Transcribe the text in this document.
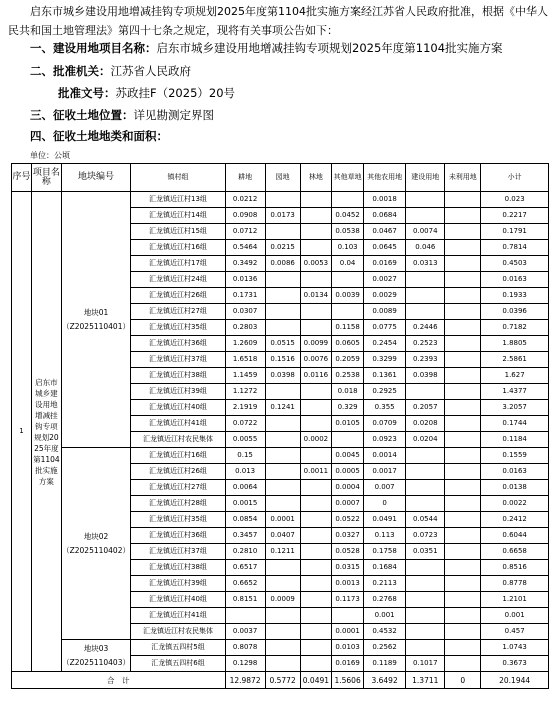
启东市城乡建设用地增减挂钩专项规划2025年度第1104批实施方案经江苏省人民政府批准，根据《中华人民共和国土地管理法》第四十七条之规定，现将有关事项公告如下：
一、建设用地项目名称：启东市城乡建设用地增减挂钩专项规划2025年度第1104批实施方案
二、批准机关：江苏省人民政府
批准文号：苏政挂F（2025）20号
三、征收土地位置：详见勘测定界图
四、征收土地地类和面积：
单位：公顷
序号	项目名称	地块编号	镇村组	耕地	园地	林地	其他草地	其他农用地	建设用地	未利用地	小计
1	启东市城乡建设用地增减挂钩专项规划2025年度第1104批实施方案	地块01（Z2025110401）	汇龙镇近江村13组	0.0212				0.0018			0.023
			汇龙镇近江村14组	0.0908	0.0173		0.0452	0.0684			0.2217
			汇龙镇近江村15组	0.0712			0.0538	0.0467	0.0074		0.1791
			汇龙镇近江村16组	0.5464	0.0215		0.103	0.0645	0.046		0.7814
			汇龙镇近江村17组	0.3492	0.0086	0.0053	0.04	0.0169	0.0313		0.4503
			汇龙镇近江村24组	0.0136				0.0027			0.0163
			汇龙镇近江村26组	0.1731		0.0134	0.0039	0.0029			0.1933
			汇龙镇近江村27组	0.0307				0.0089			0.0396
			汇龙镇近江村35组	0.2803			0.1158	0.0775	0.2446		0.7182
			汇龙镇近江村36组	1.2609	0.0515	0.0099	0.0605	0.2454	0.2523		1.8805
			汇龙镇近江村37组	1.6518	0.1516	0.0076	0.2059	0.3299	0.2393		2.5861
			汇龙镇近江村38组	1.1459	0.0398	0.0116	0.2538	0.1361	0.0398		1.627
			汇龙镇近江村39组	1.1272			0.018	0.2925			1.4377
			汇龙镇近江村40组	2.1919	0.1241		0.329	0.355	0.2057		3.2057
			汇龙镇近江村41组	0.0722			0.0105	0.0709	0.0208		0.1744
			汇龙镇近江村农民集体	0.0055		0.0002		0.0923	0.0204		0.1184
		地块02（Z2025110402）	汇龙镇近江村16组	0.15			0.0045	0.0014			0.1559
			汇龙镇近江村26组	0.013		0.0011	0.0005	0.0017			0.0163
			汇龙镇近江村27组	0.0064			0.0004	0.007			0.0138
			汇龙镇近江村28组	0.0015			0.0007	0			0.0022
			汇龙镇近江村35组	0.0854	0.0001		0.0522	0.0491	0.0544		0.2412
			汇龙镇近江村36组	0.3457	0.0407		0.0327	0.113	0.0723		0.6044
			汇龙镇近江村37组	0.2810	0.1211		0.0528	0.1758	0.0351		0.6658
			汇龙镇近江村38组	0.6517			0.0315	0.1684			0.8516
			汇龙镇近江村39组	0.6652			0.0013	0.2113			0.8778
			汇龙镇近江村40组	0.8151	0.0009		0.1173	0.2768			1.2101
			汇龙镇近江村41组					0.001			0.001
			汇龙镇近江村农民集体	0.0037			0.0001	0.4532			0.457
		地块03（Z2025110403）	汇龙镇五四村5组	0.8078			0.0103	0.2562			1.0743
			汇龙镇五四村6组	0.1298			0.0169	0.1189	0.1017		0.3673
合　计				12.9872	0.5772	0.0491	1.5606	3.6492	1.3711	0	20.1944
